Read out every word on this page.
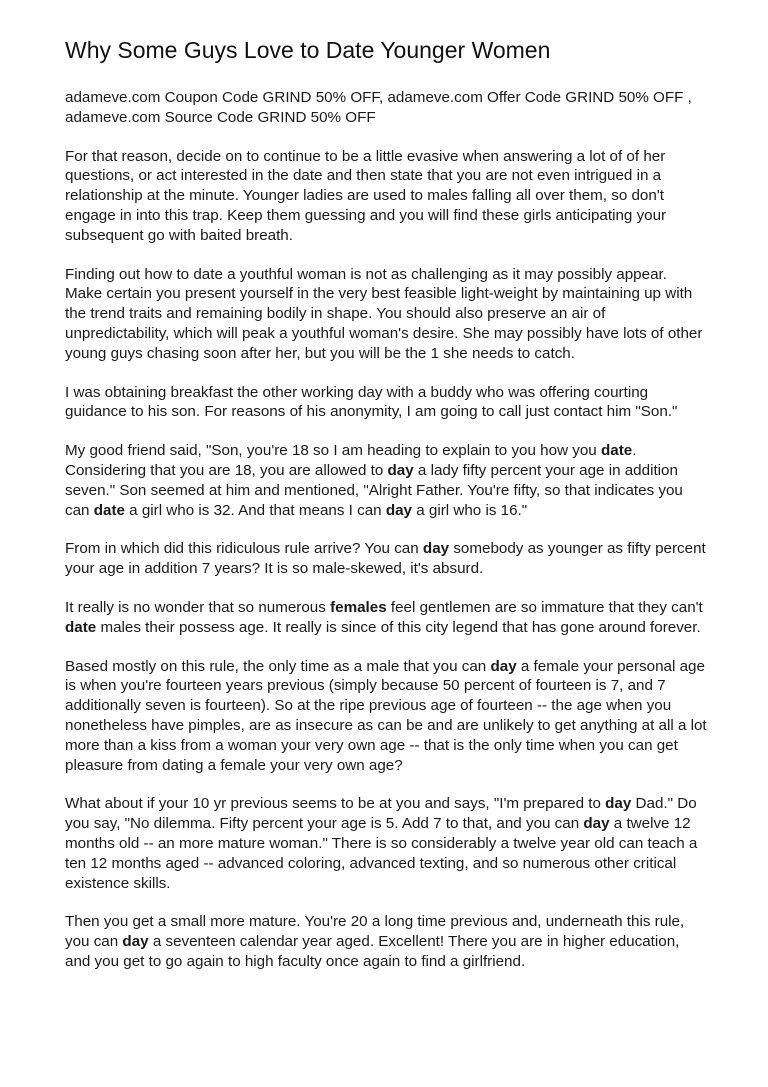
Why Some Guys Love to Date Younger Women

adameve.com Coupon Code GRIND 50% OFF, adameve.com Offer Code GRIND 50% OFF , adameve.com Source Code GRIND 50% OFF

For that reason, decide on to continue to be a little evasive when answering a lot of of her questions, or act interested in the date and then state that you are not even intrigued in a relationship at the minute. Younger ladies are used to males falling all over them, so don't engage in into this trap. Keep them guessing and you will find these girls anticipating your subsequent go with baited breath.

Finding out how to date a youthful woman is not as challenging as it may possibly appear. Make certain you present yourself in the very best feasible light-weight by maintaining up with the trend traits and remaining bodily in shape. You should also preserve an air of unpredictability, which will peak a youthful woman's desire. She may possibly have lots of other young guys chasing soon after her, but you will be the 1 she needs to catch.

I was obtaining breakfast the other working day with a buddy who was offering courting guidance to his son. For reasons of his anonymity, I am going to call just contact him "Son."

My good friend said, "Son, you're 18 so I am heading to explain to you how you date. Considering that you are 18, you are allowed to day a lady fifty percent your age in addition seven." Son seemed at him and mentioned, "Alright Father. You're fifty, so that indicates you can date a girl who is 32. And that means I can day a girl who is 16."

From in which did this ridiculous rule arrive? You can day somebody as younger as fifty percent your age in addition 7 years? It is so male-skewed, it's absurd.

It really is no wonder that so numerous females feel gentlemen are so immature that they can't date males their possess age. It really is since of this city legend that has gone around forever.

Based mostly on this rule, the only time as a male that you can day a female your personal age is when you're fourteen years previous (simply because 50 percent of fourteen is 7, and 7 additionally seven is fourteen). So at the ripe previous age of fourteen -- the age when you nonetheless have pimples, are as insecure as can be and are unlikely to get anything at all a lot more than a kiss from a woman your very own age -- that is the only time when you can get pleasure from dating a female your very own age?

What about if your 10 yr previous seems to be at you and says, "I'm prepared to day Dad." Do you say, "No dilemma. Fifty percent your age is 5. Add 7 to that, and you can day a twelve 12 months old -- an more mature woman." There is so considerably a twelve year old can teach a ten 12 months aged -- advanced coloring, advanced texting, and so numerous other critical existence skills.

Then you get a small more mature. You're 20 a long time previous and, underneath this rule, you can day a seventeen calendar year aged. Excellent! There you are in higher education, and you get to go again to high faculty once again to find a girlfriend.
